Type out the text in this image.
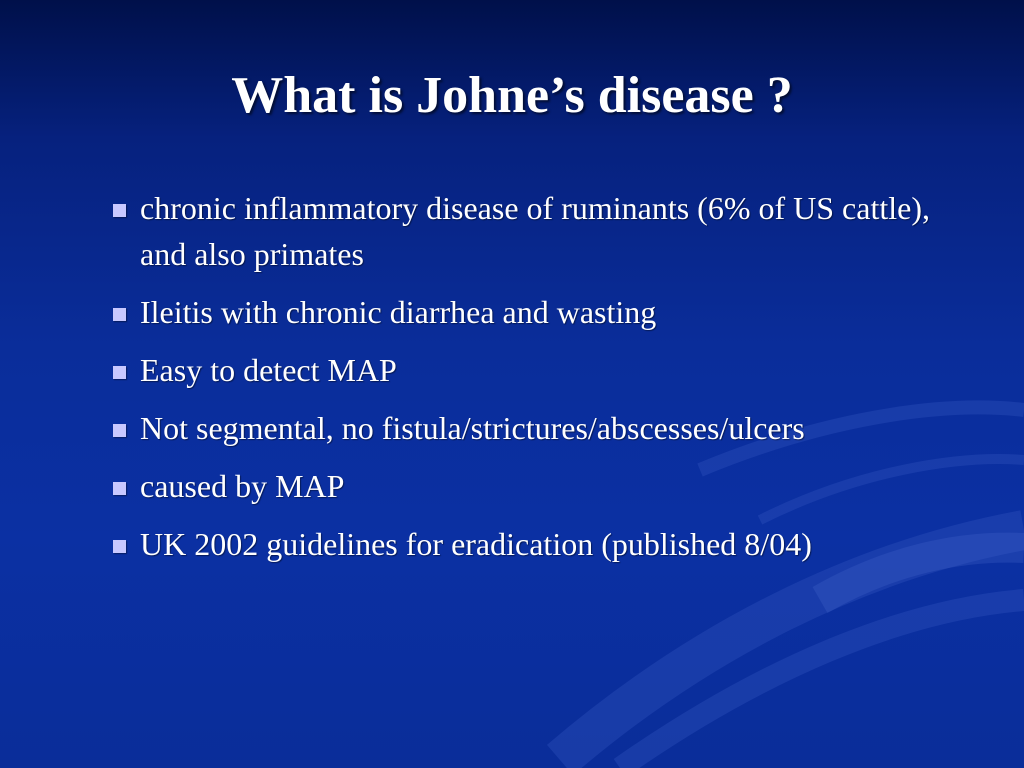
What is Johne’s disease ?
chronic inflammatory disease of ruminants (6% of US cattle), and also primates
Ileitis with chronic diarrhea and wasting
Easy to detect MAP
Not segmental, no fistula/strictures/abscesses/ulcers
caused by MAP
UK 2002 guidelines for eradication (published 8/04)
